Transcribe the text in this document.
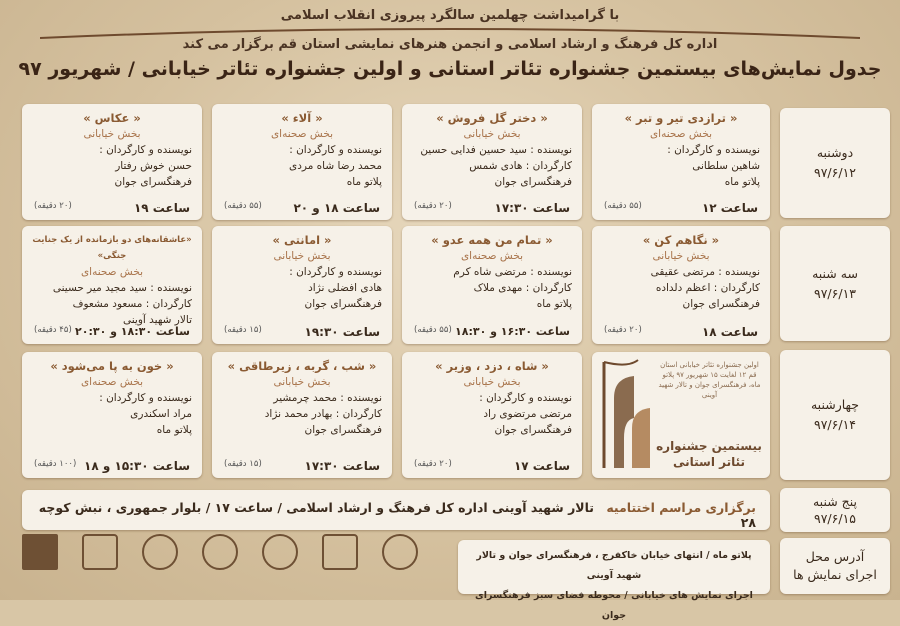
با گرامیداشت چهلمین سالگرد پیروزی انقلاب اسلامی
اداره کل فرهنگ و ارشاد اسلامی و انجمن هنرهای نمایشی استان قم برگزار می کند
جدول نمایش‌های بیستمین جشنواره تئاتر استانی و اولین جشنواره تئاتر خیابانی / شهریور ۹۷
دوشنبه
۹۷/۶/۱۲
سه شنبه
۹۷/۶/۱۳
چهارشنبه
۹۷/۶/۱۴
پنج شنبه
۹۷/۶/۱۵
آدرس محل
اجرای نمایش ها
« ترازدی تیر و تبر »
بخش صحنه‌ای
نویسنده و کارگردان :
شاهین سلطانی
پلاتو ماه
ساعت ۱۲
(۵۵ دقیقه)
« دختر گل فروش »
بخش خیابانی
نویسنده : سید حسین فدایی حسین
کارگردان : هادی شمس
فرهنگسرای جوان
ساعت ۱۷:۳۰
(۲۰ دقیقه)
« آلاء »
بخش صحنه‌ای
نویسنده و کارگردان :
محمد رضا شاه مردی
پلاتو ماه
ساعت ۱۸ و ۲۰
(۵۵ دقیقه)
« عکاس »
بخش خیابانی
نویسنده و کارگردان :
حسن خوش رفتار
فرهنگسرای جوان
ساعت ۱۹
(۲۰ دقیقه)
« نگاهم کن »
بخش خیابانی
نویسنده : مرتضی عقیقی
کارگردان : اعظم دلداده
فرهنگسرای جوان
ساعت ۱۸
(۲۰ دقیقه)
« تمام من همه عدو »
بخش صحنه‌ای
نویسنده : مرتضی شاه کرم
کارگردان : مهدی ملاک
پلاتو ماه
ساعت ۱۶:۳۰ و ۱۸:۳۰
(۵۵ دقیقه)
« امانتی »
بخش خیابانی
نویسنده و کارگردان :
هادی افضلی نژاد
فرهنگسرای جوان
ساعت ۱۹:۳۰
(۱۵ دقیقه)
«عاشقانه‌های دو بازمانده از یک جنایت جنگی»
بخش صحنه‌ای
نویسنده : سید مجید میر حسینی
کارگردان : مسعود مشعوف
تالار شهید آوینی
ساعت ۱۸:۳۰ و ۲۰:۳۰
(۴۵ دقیقه)
اولین جشنواره تئاتر خیابانی استان قم ۱۲ لغایت ۱۵ شهریور ۹۷ پلاتو ماه، فرهنگسرای جوان و تالار شهید آوینی
بیستمین جشنواره تئاتر استانی
« شاه ، دزد ، وزیر »
بخش خیابانی
نویسنده و کارگردان :
مرتضی مرتضوی راد
فرهنگسرای جوان
ساعت ۱۷
(۲۰ دقیقه)
« شب ، گربه ، زیرطاقی »
بخش خیابانی
نویسنده : محمد چرمشیر
کارگردان : بهادر محمد نژاد
فرهنگسرای جوان
ساعت ۱۷:۳۰
(۱۵ دقیقه)
« خون به پا می‌شود »
بخش صحنه‌ای
نویسنده و کارگردان :
مراد اسکندری
پلاتو ماه
ساعت ۱۵:۳۰ و ۱۸
(۱۰۰ دقیقه)
برگزاری مراسم اختتامیه تالار شهید آوینی اداره کل فرهنگ و ارشاد اسلامی / ساعت ۱۷ / بلوار جمهوری ، نبش کوچه ۲۸
پلاتو ماه / انتهای خیابان خاکفرج ، فرهنگسرای جوان و تالار شهید آوینی
اجرای نمایش های خیابانی / محوطه فضای سبز فرهنگسرای جوان
